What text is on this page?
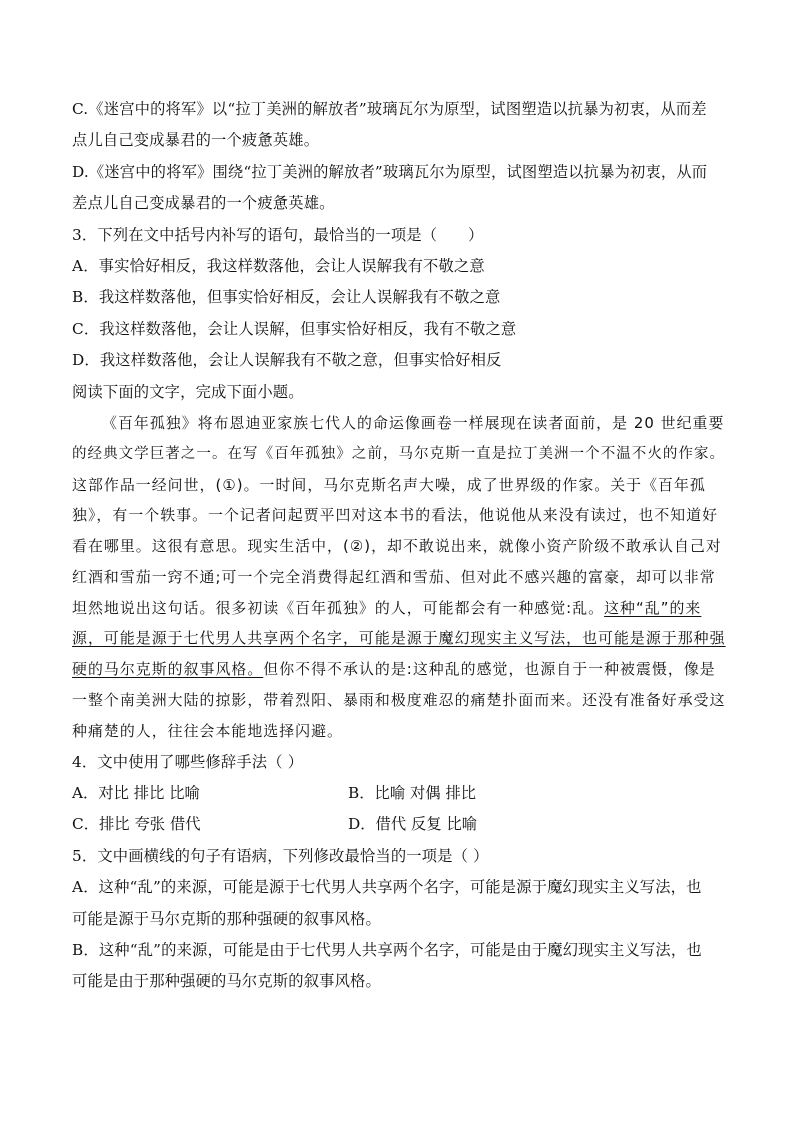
C.《迷宫中的将军》以“拉丁美洲的解放者”玻璃瓦尔为原型，试图塑造以抗暴为初衷，从而差
点儿自己变成暴君的一个疲惫英雄。
D.《迷宫中的将军》围绕“拉丁美洲的解放者”玻璃瓦尔为原型，试图塑造以抗暴为初衷，从而
差点儿自己变成暴君的一个疲惫英雄。
3．下列在文中括号内补写的语句，最恰当的一项是（　　）
A．事实恰好相反，我这样数落他，会让人误解我有不敬之意
B．我这样数落他，但事实恰好相反，会让人误解我有不敬之意
C．我这样数落他，会让人误解，但事实恰好相反，我有不敬之意
D．我这样数落他，会让人误解我有不敬之意，但事实恰好相反
阅读下面的文字，完成下面小题。
《百年孤独》将布恩迪亚家族七代人的命运像画卷一样展现在读者面前，是 20 世纪重要
的经典文学巨著之一。在写《百年孤独》之前，马尔克斯一直是拉丁美洲一个不温不火的作家。
这部作品一经问世，(①)。一时间，马尔克斯名声大噪，成了世界级的作家。关于《百年孤
独》，有一个轶事。一个记者问起贾平凹对这本书的看法，他说他从来没有读过，也不知道好
看在哪里。这很有意思。现实生活中，(②)，却不敢说出来，就像小资产阶级不敢承认自己对
红酒和雪茄一窍不通;可一个完全消费得起红酒和雪茄、但对此不感兴趣的富豪，却可以非常
坦然地说出这句话。很多初读《百年孤独》的人，可能都会有一种感觉:乱。这种“乱”的来
源，可能是源于七代男人共享两个名字，可能是源于魔幻现实主义写法，也可能是源于那种强
硬的马尔克斯的叙事风格。但你不得不承认的是:这种乱的感觉，也源自于一种被震慑，像是
一整个南美洲大陆的掠影，带着烈阳、暴雨和极度难忍的痛楚扑面而来。还没有准备好承受这
种痛楚的人，往往会本能地选择闪避。
4．文中使用了哪些修辞手法（ ）
A．对比 排比 比喻	B．比喻 对偶 排比
C．排比 夸张 借代	D．借代 反复 比喻
5．文中画横线的句子有语病，下列修改最恰当的一项是（ ）
A．这种“乱”的来源，可能是源于七代男人共享两个名字，可能是源于魔幻现实主义写法，也
可能是源于马尔克斯的那种强硬的叙事风格。
B．这种“乱”的来源，可能是由于七代男人共享两个名字，可能是由于魔幻现实主义写法，也
可能是由于那种强硬的马尔克斯的叙事风格。
